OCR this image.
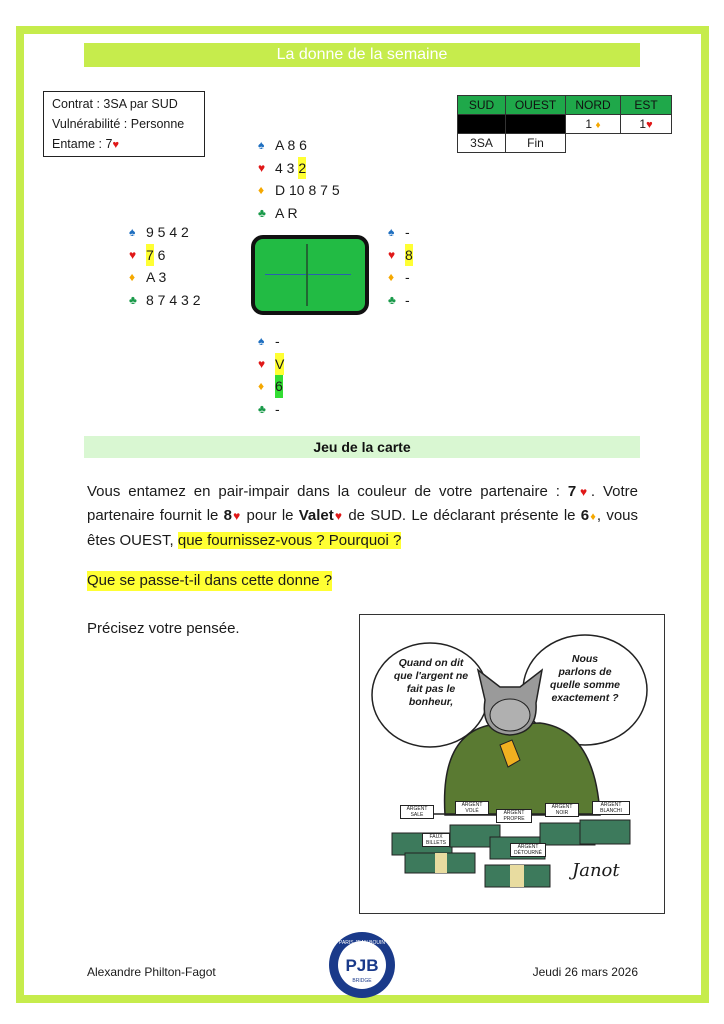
La donne de la semaine
Contrat : 3SA par SUD
Vulnérabilité : Personne
Entame : 7♥
SUD	OUEST	NORD	EST
		1 ♦	1♥
3SA	Fin		
♠ A 8 6
♥ 4 3 2
♦ D 10 8 7 5
♣ A R
♠ 9 5 4 2
♥ 7 6
♦ A 3
♣ 8 7 4 3 2
♠ -
♥ 8
♦ -
♣ -
♠ -
♥ V
♦ 6
♣ -
Jeu de la carte
Vous entamez en pair-impair dans la couleur de votre partenaire : 7♥. Votre partenaire fournit le 8♥ pour le Valet♥ de SUD. Le déclarant présente le 6♦, vous êtes OUEST, que fournissez-vous ? Pourquoi ?
Que se passe-t-il dans cette donne ?
Précisez votre pensée.
Quand on dit
que l'argent ne
fait pas le
bonheur,
Nous
parlons de
quelle somme
exactement ?
ARGENT SALE
ARGENT VOLÉ	ARGENT PROPRE
ARGENT NOIR
ARGENT BLANCHI
FAUX BILLETS
ARGENT DÉTOURNÉ
Janot
Alexandre Philton-Fagot	PJB
BRIDGE
PARIS JEAN BOUIN
Jeudi 26 mars 2026
